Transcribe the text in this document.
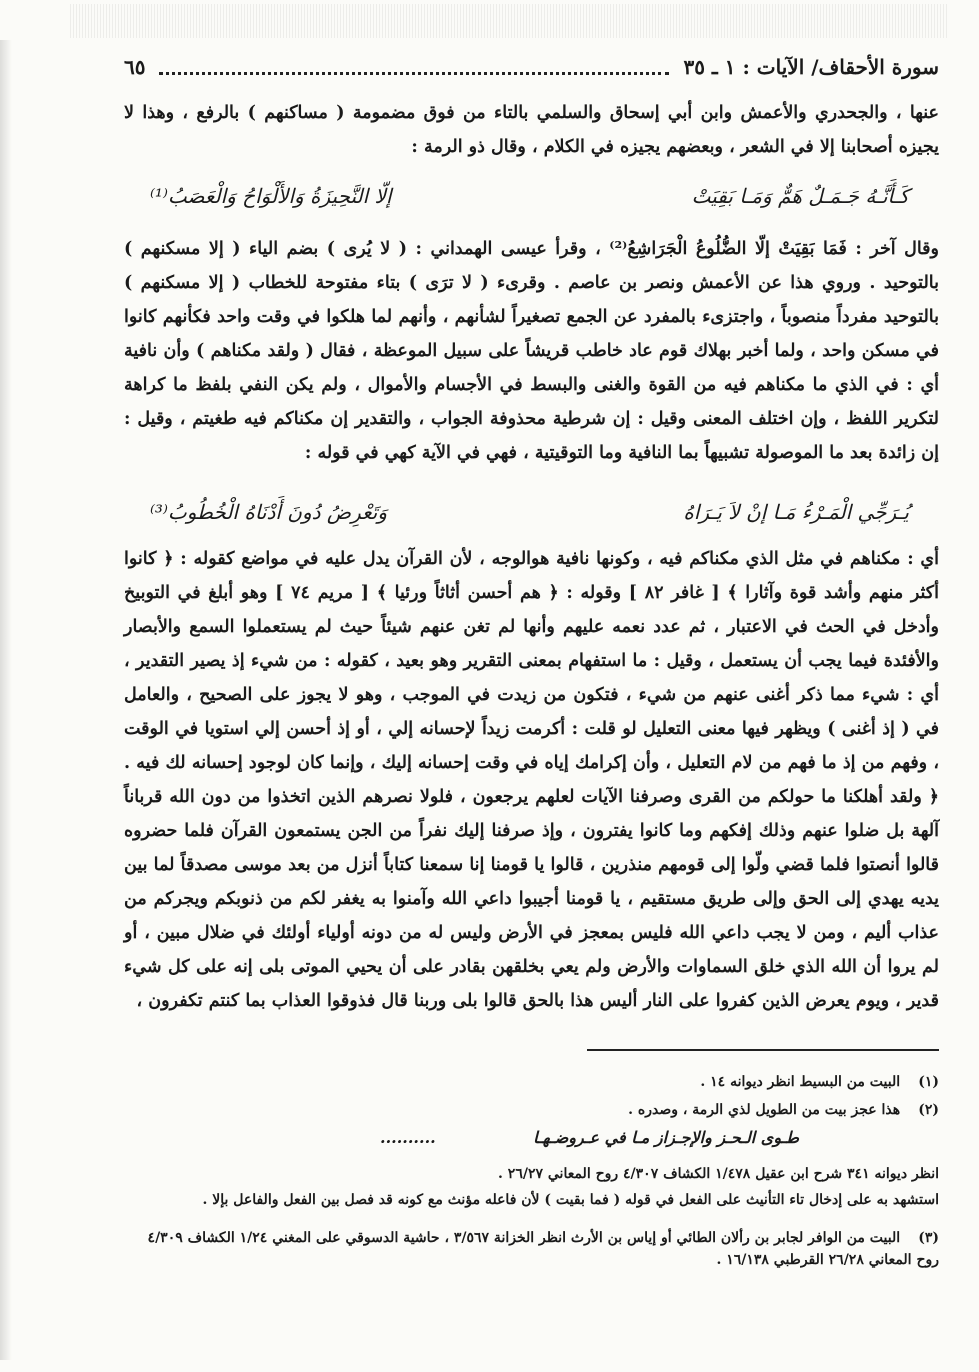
سورة الأحقاف/ الآيات : ١ ـ ٣٥
٦٥
عنها ، والجحدري والأعمش وابن أبي إسحاق والسلمي بالتاء من فوق مضمومة ( مساكنهم ) بالرفع ، وهذا لا يجيزه أصحابنا إلا في الشعر ، وبعضهم يجيزه في الكلام ، وقال ذو الرمة :
كَـأَنَّـهُ جَـمَـلٌ هَمٌّ وَمَـا بَقِيَتْ
إلّا النَّحِيزَةُ وَالأَلْوَاحُ وَالْعَصَبُ⁽¹⁾
وقال آخر : فَمَا بَقِيَتْ إلّا الضُّلُوعُ الْجَرَاشِعُ⁽²⁾ ، وقرأ عيسى الهمداني : ( لا يُرى ) بضم الياء ( إلا مسكنهم ) بالتوحيد . وروي هذا عن الأعمش ونصر بن عاصم . وقرىء ( لا ترَى ) بتاء مفتوحة للخطاب ( إلا مسكنهم ) بالتوحيد مفرداً منصوباً ، واجتزىء بالمفرد عن الجمع تصغيراً لشأنهم ، وأنهم لما هلكوا في وقت واحد فكأنهم كانوا في مسكن واحد ، ولما أخبر بهلاك قوم عاد خاطب قريشاً على سبيل الموعظة ، فقال ( ولقد مكناهم ) وأن نافية أي : في الذي ما مكناهم فيه من القوة والغنى والبسط في الأجسام والأموال ، ولم يكن النفي بلفظ ما كراهة لتكرير اللفظ ، وإن اختلف المعنى وقيل : إن شرطية محذوفة الجواب ، والتقدير إن مكناكم فيه طغيتم ، وقيل : إن زائدة بعد ما الموصولة تشبيهاً بما النافية وما التوقيتية ، فهي في الآية كهي في قوله :
يُـرَجِّي الْمَـرْءُ مَـا إنْ لاَ يَـرَاهُ
وَتَعْرِضُ دُونَ أَدْنَاهُ الْخُطُوبُ⁽³⁾
أي : مكناهم في مثل الذي مكناكم فيه ، وكونها نافية هوالوجه ، لأن القرآن يدل عليه في مواضع كقوله : ﴿ كانوا أكثر منهم وأشد قوة وآثارا ﴾ [ غافر ٨٢ ] وقوله : ﴿ هم أحسن أثاثاً ورئيا ﴾ [ مريم ٧٤ ] وهو أبلغ في التوبيخ وأدخل في الحث في الاعتبار ، ثم عدد نعمه عليهم وأنها لم تغن عنهم شيئاً حيث لم يستعملوا السمع والأبصار والأفئدة فيما يجب أن يستعمل ، وقيل : ما استفهام بمعنى التقرير وهو بعيد ، كقوله : من شيء إذ يصير التقدير ، أي : شيء مما ذكر أغنى عنهم من شيء ، فتكون من زيدت في الموجب ، وهو لا يجوز على الصحيح ، والعامل في ( إذ أغنى ) ويظهر فيها معنى التعليل لو قلت : أكرمت زيداً لإحسانه إلي ، أو إذ أحسن إلي استويا في الوقت ، وفهم من إذ ما فهم من لام التعليل ، وأن إكرامك إياه في وقت إحسانه إليك ، وإنما كان لوجود إحسانه لك فيه . ﴿ ولقد أهلكنا ما حولكم من القرى وصرفنا الآيات لعلهم يرجعون ، فلولا نصرهم الذين اتخذوا من دون الله قرباناً آلهة بل ضلوا عنهم وذلك إفكهم وما كانوا يفترون ، وإذ صرفنا إليك نفراً من الجن يستمعون القرآن فلما حضروه قالوا أنصتوا فلما قضي ولّوا إلى قومهم منذرين ، قالوا يا قومنا إنا سمعنا كتاباً أنزل من بعد موسى مصدقاً لما بين يديه يهدي إلى الحق وإلى طريق مستقيم ، يا قومنا أجيبوا داعي الله وآمنوا به يغفر لكم من ذنوبكم ويجركم من عذاب أليم ، ومن لا يجب داعي الله فليس بمعجز في الأرض وليس له من دونه أولياء أولئك في ضلال مبين ، أو لم يروا أن الله الذي خلق السماوات والأرض ولم يعي بخلقهن بقادر على أن يحيي الموتى بلى إنه على كل شيء قدير ، ويوم يعرض الذين كفروا على النار أليس هذا بالحق قالوا بلى وربنا قال فذوقوا العذاب بما كنتم تكفرون ،
(١) البيت من البسيط انظر ديوانه ١٤ .
(٢) هذا عجز بيت من الطويل لذي الرمة ، وصدره .
طـوى الـحـز والإجـزاز مـا في عـروضـهـا
..........
انظر ديوانه ٣٤١ شرح ابن عقيل ١/٤٧٨ الكشاف ٤/٣٠٧ روح المعاني ٢٦/٢٧ .
استشهد به على إدخال تاء التأنيث على الفعل في قوله ( فما بقيت ) لأن فاعله مؤنث مع كونه قد فصل بين الفعل والفاعل بإلا .
(٣) البيت من الوافر لجابر بن رألان الطائي أو إياس بن الأرث انظر الخزانة ٣/٥٦٧ ، حاشية الدسوقي على المغني ١/٢٤ الكشاف ٤/٣٠٩ روح المعاني ٢٦/٢٨ القرطبي ١٦/١٣٨ .
